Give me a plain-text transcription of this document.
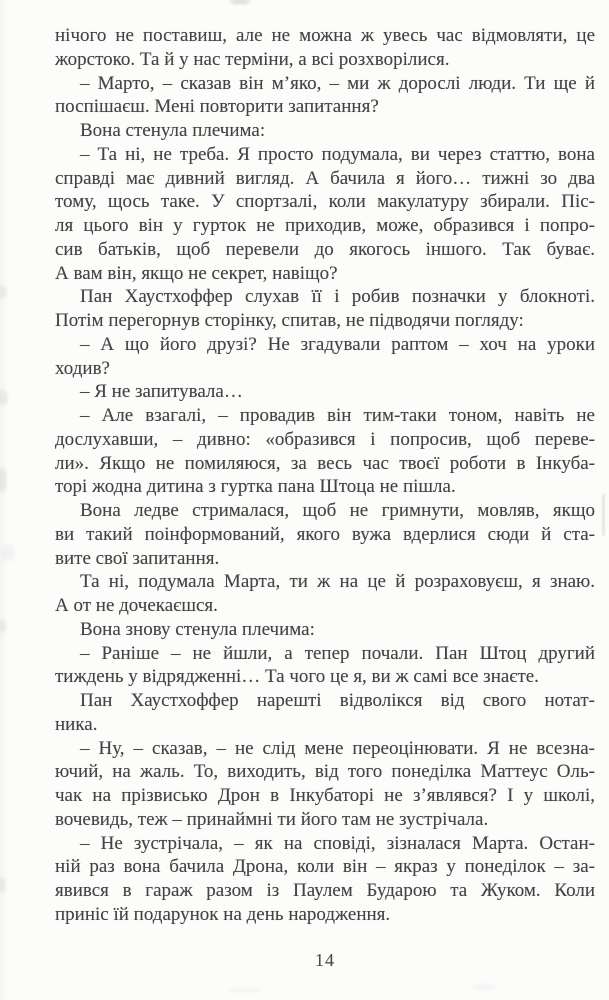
нічого не поставиш, але не можна ж увесь час відмовляти, це
жорстоко. Та й у нас терміни, а всі розхворілися.
– Марто, – сказав він м’яко, – ми ж дорослі люди. Ти ще й
поспішаєш. Мені повторити запитання?
Вона стенула плечима:
– Та ні, не треба. Я просто подумала, ви через статтю, вона
справді має дивний вигляд. А бачила я його… тижні зо два
тому, щось таке. У спортзалі, коли макулатуру збирали. Піс-
ля цього він у гурток не приходив, може, образився і попро-
сив батьків, щоб перевели до якогось іншого. Так буває.
А вам він, якщо не секрет, навіщо?
Пан Хаустхоффер слухав її і робив позначки у блокноті.
Потім перегорнув сторінку, спитав, не підводячи погляду:
– А що його друзі? Не згадували раптом – хоч на уроки
ходив?
– Я не запитувала…
– Але взагалі, – провадив він тим-таки тоном, навіть не
дослухавши, – дивно: «образився і попросив, щоб переве-
ли». Якщо не помиляюся, за весь час твоєї роботи в Інкуба-
торі жодна дитина з гуртка пана Штоца не пішла.
Вона ледве стрималася, щоб не гримнути, мовляв, якщо
ви такий поінформований, якого вужа вдерлися сюди й ста-
вите свої запитання.
Та ні, подумала Марта, ти ж на це й розраховуєш, я знаю.
А от не дочекаєшся.
Вона знову стенула плечима:
– Раніше – не йшли, а тепер почали. Пан Штоц другий
тиждень у відрядженні… Та чого це я, ви ж самі все знаєте.
Пан Хаустхоффер нарешті відволікся від свого нотат-
ника.
– Ну, – сказав, – не слід мене переоцінювати. Я не всезна-
ючий, на жаль. То, виходить, від того понеділка Маттеус Оль-
чак на прізвисько Дрон в Інкубаторі не з’являвся? І у школі,
вочевидь, теж – принаймні ти його там не зустрічала.
– Не зустрічала, – як на сповіді, зізналася Марта. Остан-
ній раз вона бачила Дрона, коли він – якраз у понеділок – за-
явився в гараж разом із Паулем Бударою та Жуком. Коли
приніс їй подарунок на день народження.
14
